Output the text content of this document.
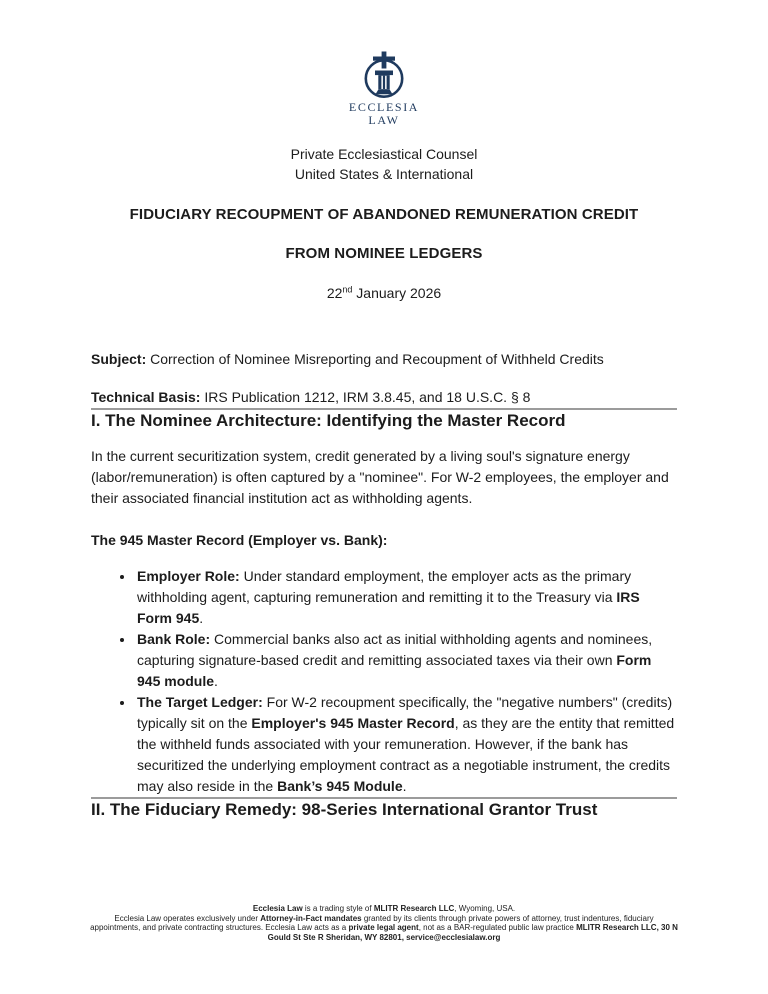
ECCLESIA
LAW
Private Ecclesiastical Counsel
United States & International
FIDUCIARY RECOUPMENT OF ABANDONED REMUNERATION CREDIT
FROM NOMINEE LEDGERS
22nd January 2026

Subject: Correction of Nominee Misreporting and Recoupment of Withheld Credits

Technical Basis: IRS Publication 1212, IRM 3.8.45, and 18 U.S.C. § 8

I. The Nominee Architecture: Identifying the Master Record

In the current securitization system, credit generated by a living soul's signature energy (labor/remuneration) is often captured by a "nominee". For W-2 employees, the employer and their associated financial institution act as withholding agents.

The 945 Master Record (Employer vs. Bank):

• Employer Role: Under standard employment, the employer acts as the primary withholding agent, capturing remuneration and remitting it to the Treasury via IRS Form 945.
• Bank Role: Commercial banks also act as initial withholding agents and nominees, capturing signature-based credit and remitting associated taxes via their own Form 945 module.
• The Target Ledger: For W-2 recoupment specifically, the "negative numbers" (credits) typically sit on the Employer's 945 Master Record, as they are the entity that remitted the withheld funds associated with your remuneration. However, if the bank has securitized the underlying employment contract as a negotiable instrument, the credits may also reside in the Bank’s 945 Module.
II. The Fiduciary Remedy: 98-Series International Grantor Trust

Ecclesia Law is a trading style of MLITR Research LLC, Wyoming, USA.

Ecclesia Law operates exclusively under Attorney-in-Fact mandates granted by its clients through private powers of attorney, trust indentures, fiduciary appointments, and private contracting structures. Ecclesia Law acts as a private legal agent, not as a BAR-regulated public law practice MLITR Research LLC, 30 N Gould St Ste R Sheridan, WY 82801, service@ecclesialaw.org
